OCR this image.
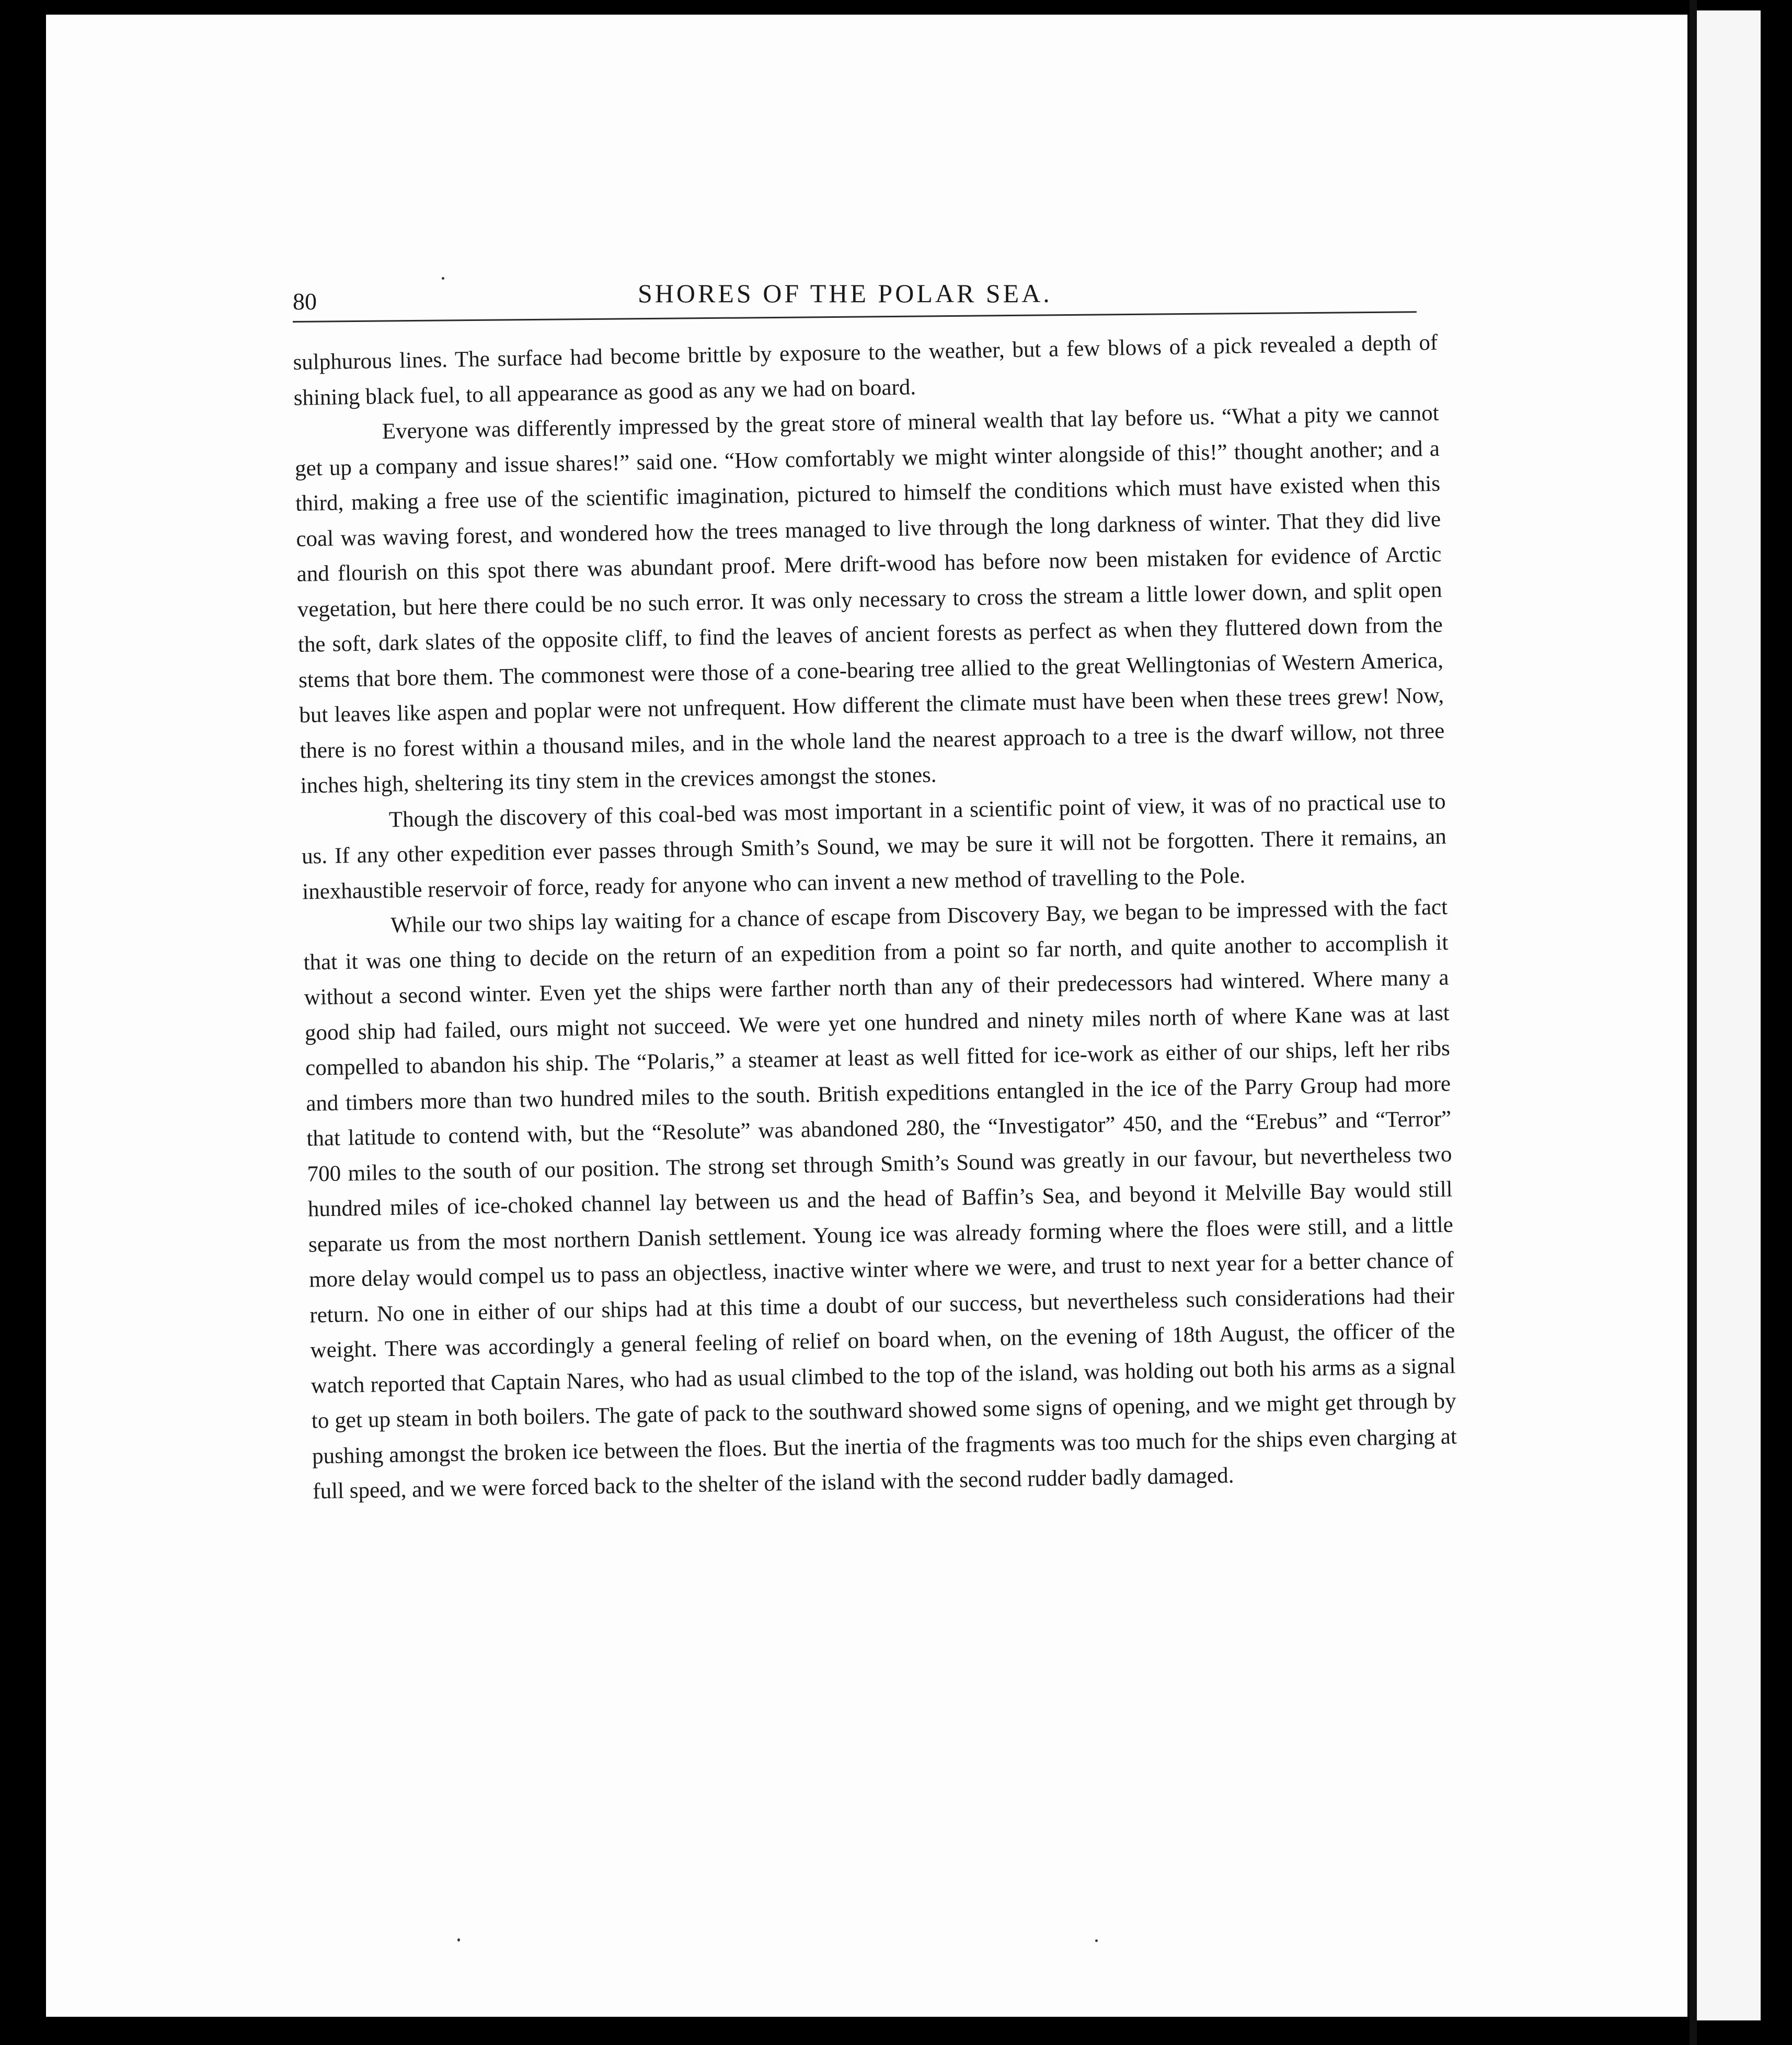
80	SHORES OF THE POLAR SEA.

sulphurous lines. The surface had become brittle by exposure to the weather, but a few blows of a pick revealed a depth of shining black fuel, to all appearance as good as any we had on board.

Everyone was differently impressed by the great store of mineral wealth that lay before us. “What a pity we cannot get up a company and issue shares!” said one. “How comfortably we might winter alongside of this!” thought another; and a third, making a free use of the scientific imagination, pictured to himself the conditions which must have existed when this coal was waving forest, and wondered how the trees managed to live through the long darkness of winter. That they did live and flourish on this spot there was abundant proof. Mere drift-wood has before now been mistaken for evidence of Arctic vegetation, but here there could be no such error. It was only necessary to cross the stream a little lower down, and split open the soft, dark slates of the opposite cliff, to find the leaves of ancient forests as perfect as when they fluttered down from the stems that bore them. The commonest were those of a cone-bearing tree allied to the great Wellingtonias of Western America, but leaves like aspen and poplar were not unfrequent. How different the climate must have been when these trees grew! Now, there is no forest within a thousand miles, and in the whole land the nearest approach to a tree is the dwarf willow, not three inches high, sheltering its tiny stem in the crevices amongst the stones.

Though the discovery of this coal-bed was most important in a scientific point of view, it was of no practical use to us. If any other expedition ever passes through Smith’s Sound, we may be sure it will not be forgotten. There it remains, an inexhaustible reservoir of force, ready for anyone who can invent a new method of travelling to the Pole.

While our two ships lay waiting for a chance of escape from Discovery Bay, we began to be impressed with the fact that it was one thing to decide on the return of an expedition from a point so far north, and quite another to accomplish it without a second winter. Even yet the ships were farther north than any of their predecessors had wintered. Where many a good ship had failed, ours might not succeed. We were yet one hundred and ninety miles north of where Kane was at last compelled to abandon his ship. The “Polaris,” a steamer at least as well fitted for ice-work as either of our ships, left her ribs and timbers more than two hundred miles to the south. British expeditions entangled in the ice of the Parry Group had more that latitude to contend with, but the “Resolute” was abandoned 280, the “Investigator” 450, and the “Erebus” and “Terror” 700 miles to the south of our position. The strong set through Smith’s Sound was greatly in our favour, but nevertheless two hundred miles of ice-choked channel lay between us and the head of Baffin’s Sea, and beyond it Melville Bay would still separate us from the most northern Danish settlement. Young ice was already forming where the floes were still, and a little more delay would compel us to pass an objectless, inactive winter where we were, and trust to next year for a better chance of return. No one in either of our ships had at this time a doubt of our success, but nevertheless such considerations had their weight. There was accordingly a general feeling of relief on board when, on the evening of 18th August, the officer of the watch reported that Captain Nares, who had as usual climbed to the top of the island, was holding out both his arms as a signal to get up steam in both boilers. The gate of pack to the southward showed some signs of opening, and we might get through by pushing amongst the broken ice between the floes. But the inertia of the fragments was too much for the ships even charging at full speed, and we were forced back to the shelter of the island with the second rudder badly damaged.
